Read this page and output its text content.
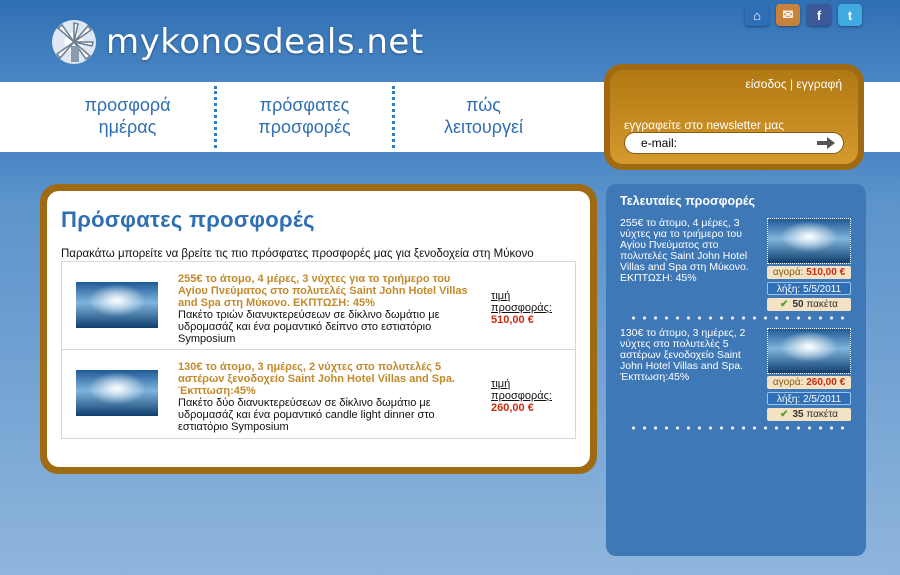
mykonosdeals.net
⌂	✉	f	t
προσφορά
ημέρας
πρόσφατες
προσφορές
πώς
λειτουργεί
είσοδος | εγγραφή
εγγραφείτε στο newsletter μας
e-mail:
Πρόσφατες προσφορές
Παρακάτω μπορείτε να βρείτε τις πιο πρόσφατες προσφορές μας για ξενοδοχεία στη Μύκονο
255€ το άτομο, 4 μέρες, 3 νύχτες για το τριήμερο του Αγίου Πνεύματος στο πολυτελές Saint John Hotel Villas and Spa στη Μύκονο. ΕΚΠΤΩΣΗ: 45%
Πακέτο τριών διανυκτερεύσεων σε δίκλινο δωμάτιο με υδρομασάζ και ένα ρομαντικό δείπνο στο εστιατόριο Symposium
τιμή προσφοράς:
510,00 €
130€ το άτομο, 3 ημέρες, 2 νύχτες στο πολυτελές 5 αστέρων ξενοδοχείο Saint John Hotel Villas and Spa. Έκπτωση:45%
Πακέτο δύο διανυκτερεύσεων σε δίκλινο δωμάτιο με υδρομασάζ και ένα ρομαντικό candle light dinner στο εστιατόριο Symposium
τιμή προσφοράς:
260,00 €
Τελευταίες προσφορές
255€ το άτομο, 4 μέρες, 3 νύχτες για το τριήμερο του Αγίου Πνεύματος στο πολυτελές Saint John Hotel Villas and Spa στη Μύκονο. ΕΚΠΤΩΣΗ: 45%	αγορά: 510,00 €
λήξη: 5/5/2011
✔ 50 πακέτα
130€ το άτομο, 3 ημέρες, 2 νύχτες στο πολυτελές 5 αστέρων ξενοδοχείο Saint John Hotel Villas and Spa. Έκπτωση:45%	αγορά: 260,00 €
λήξη: 2/5/2011
✔ 35 πακέτα
